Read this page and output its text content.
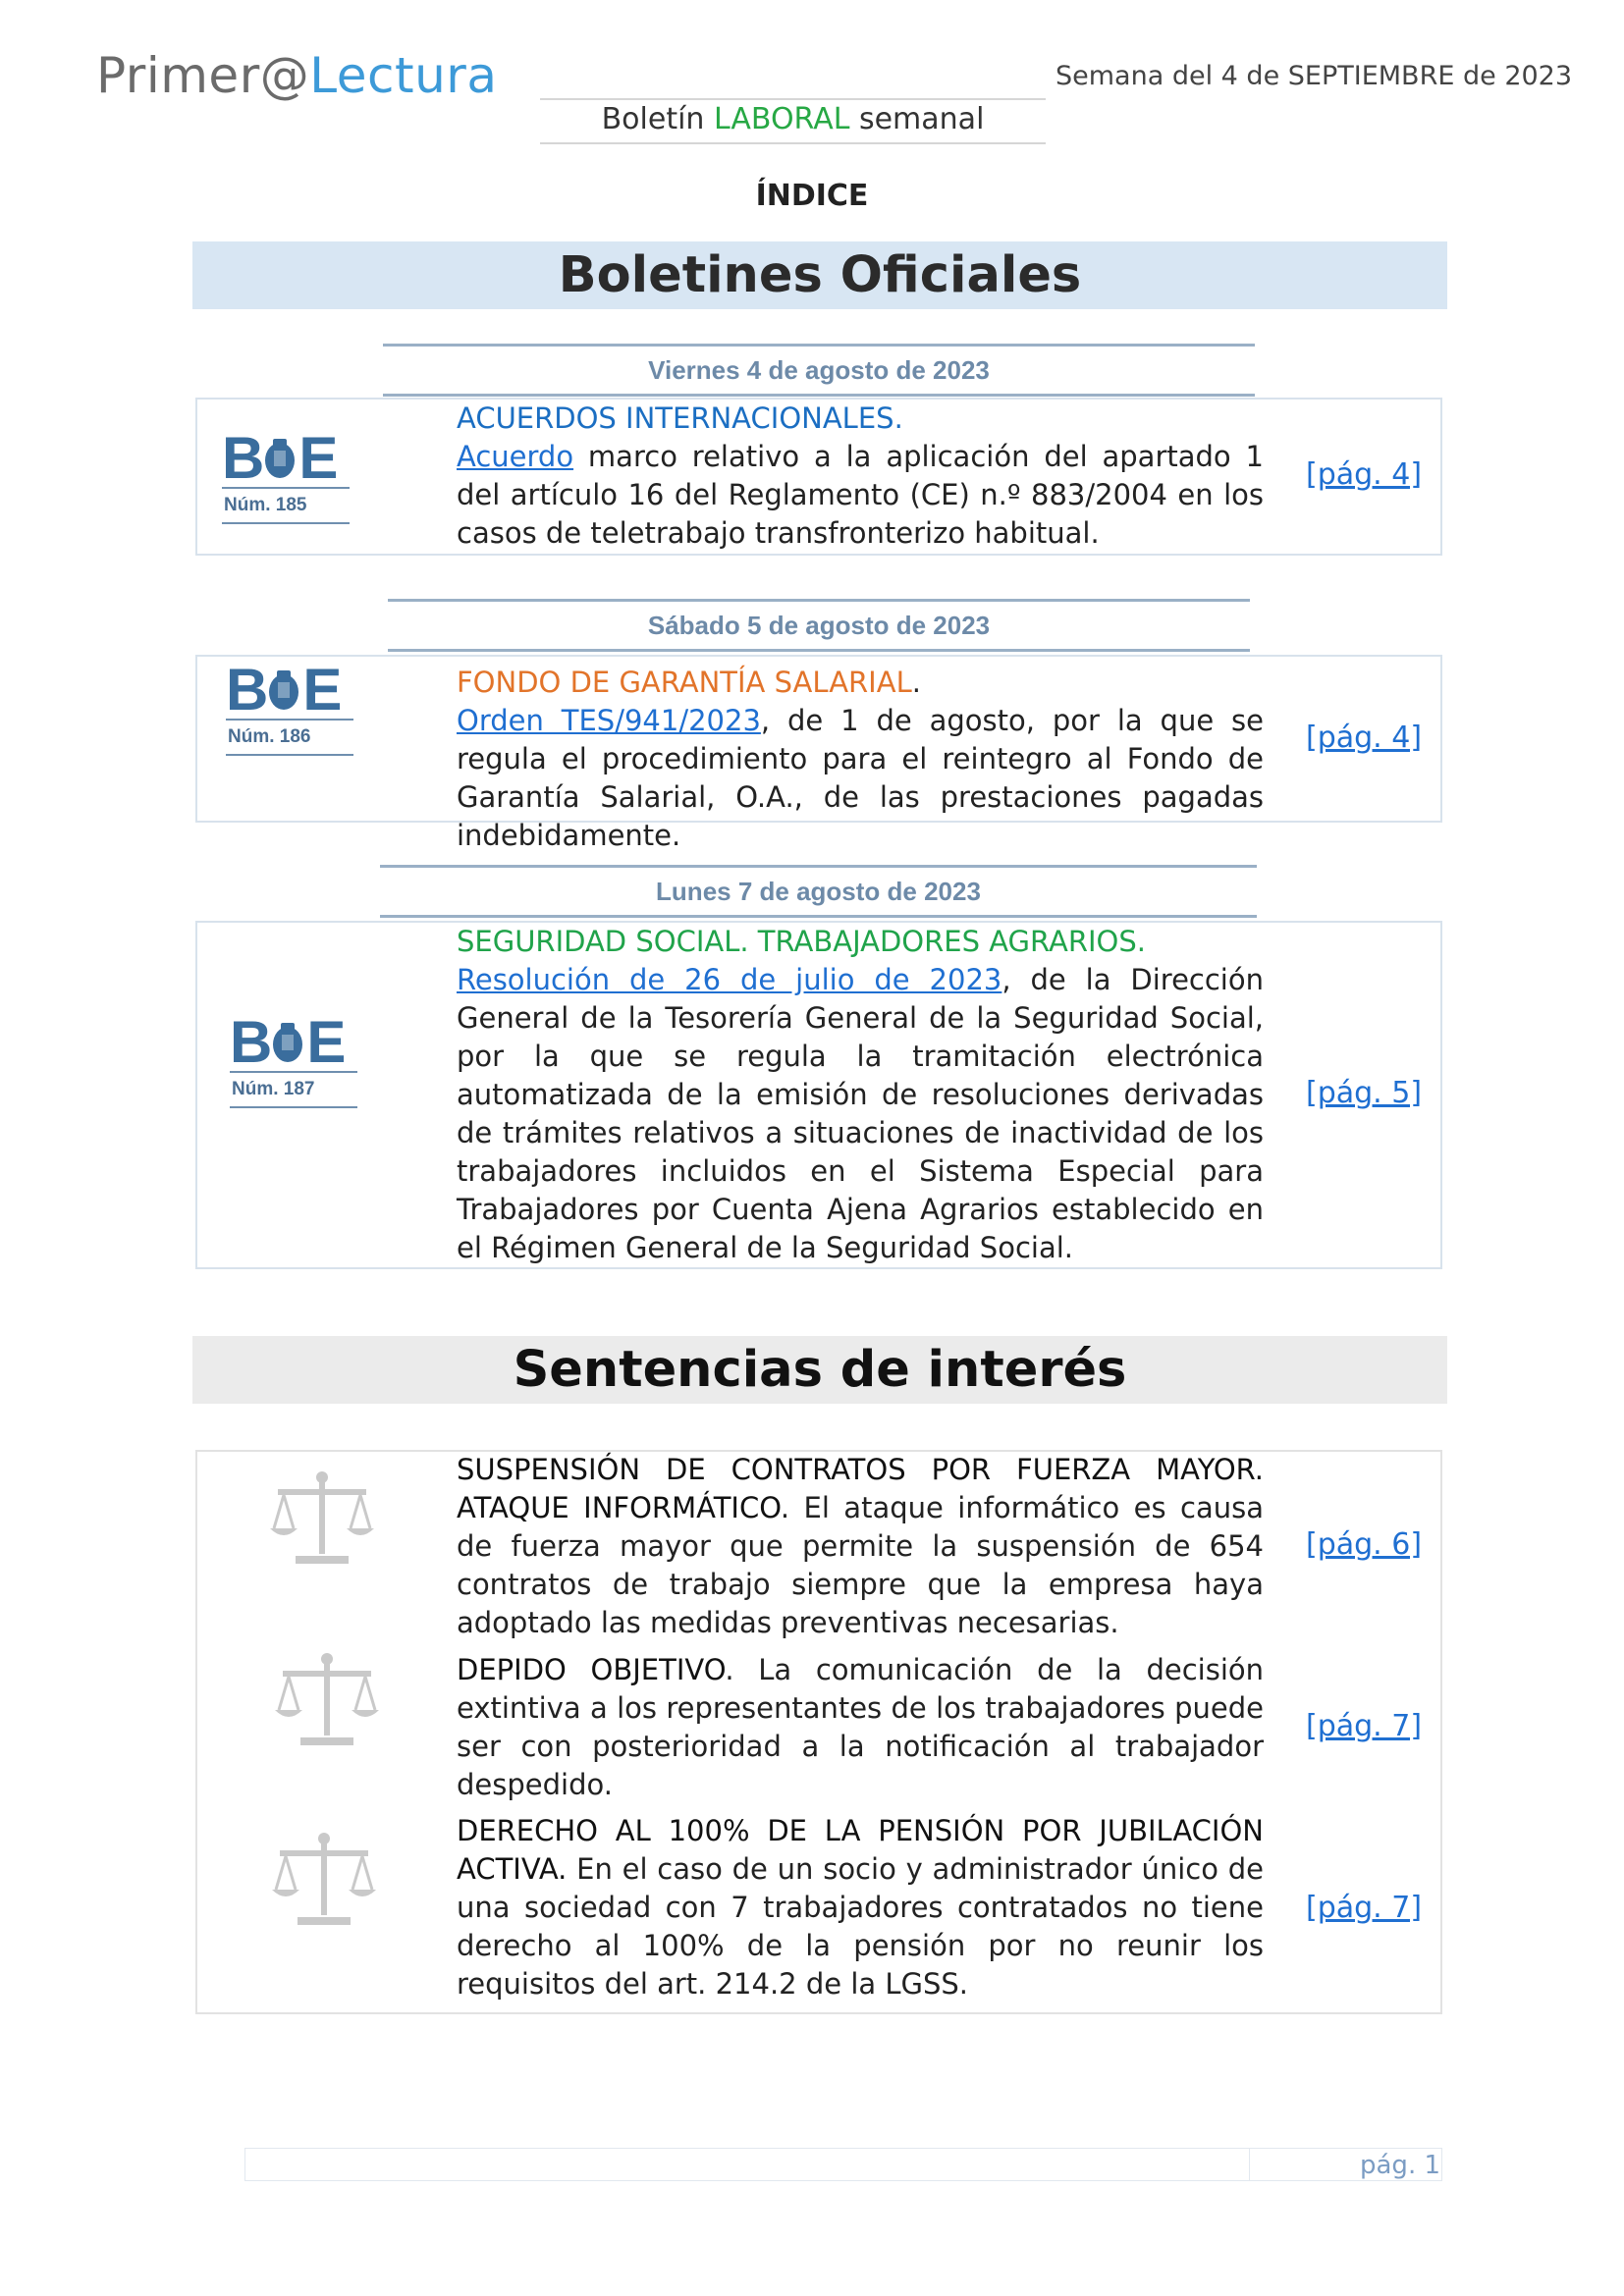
Primer@Lectura	Semana del 4 de SEPTIEMBRE de 2023
Boletín LABORAL semanal
ÍNDICE
Boletines Oficiales
Viernes 4 de agosto de 2023
B E
Núm. 185
ACUERDOS INTERNACIONALES.
Acuerdo marco relativo a la aplicación del apartado 1 del artículo 16 del Reglamento (CE) n.º 883/2004 en los casos de teletrabajo transfronterizo habitual.
[pág. 4]
Sábado 5 de agosto de 2023
B E
Núm. 186
FONDO DE GARANTÍA SALARIAL.
Orden TES/941/2023, de 1 de agosto, por la que se regula el procedimiento para el reintegro al Fondo de Garantía Salarial, O.A., de las prestaciones pagadas indebidamente.
[pág. 4]
Lunes 7 de agosto de 2023
B E
Núm. 187
SEGURIDAD SOCIAL. TRABAJADORES AGRARIOS.
Resolución de 26 de julio de 2023, de la Dirección General de la Tesorería General de la Seguridad Social, por la que se regula la tramitación electrónica automatizada de la emisión de resoluciones derivadas de trámites relativos a situaciones de inactividad de los trabajadores incluidos en el Sistema Especial para Trabajadores por Cuenta Ajena Agrarios establecido en el Régimen General de la Seguridad Social.
[pág. 5]
Sentencias de interés
SUSPENSIÓN DE CONTRATOS POR FUERZA MAYOR. ATAQUE INFORMÁTICO. El ataque informático es causa de fuerza mayor que permite la suspensión de 654 contratos de trabajo siempre que la empresa haya adoptado las medidas preventivas necesarias.
[pág. 6]
DEPIDO OBJETIVO. La comunicación de la decisión extintiva a los representantes de los trabajadores puede ser con posterioridad a la notificación al trabajador despedido.
[pág. 7]
DERECHO AL 100% DE LA PENSIÓN POR JUBILACIÓN ACTIVA. En el caso de un socio y administrador único de una sociedad con 7 trabajadores contratados no tiene derecho al 100% de la pensión por no reunir los requisitos del art. 214.2 de la LGSS.
[pág. 7]
pág. 1
